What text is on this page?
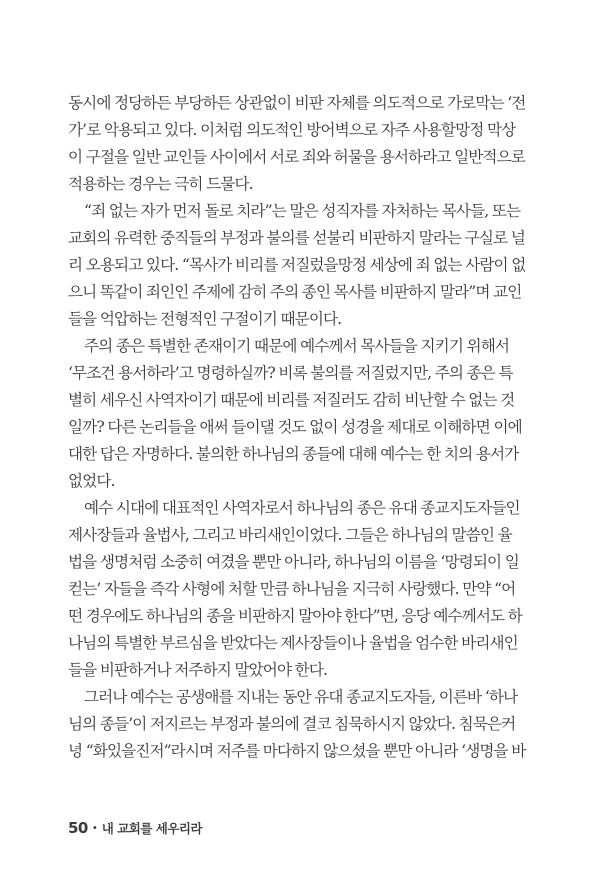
동시에 정당하든 부당하든 상관없이 비판 자체를 의도적으로 가로막는 ‘전
가’로 악용되고 있다. 이처럼 의도적인 방어벽으로 자주 사용할망정 막상
이 구절을 일반 교인들 사이에서 서로 죄와 허물을 용서하라고 일반적으로
적용하는 경우는 극히 드물다.
“죄 없는 자가 먼저 돌로 치라”는 말은 성직자를 자처하는 목사들, 또는
교회의 유력한 중직들의 부정과 불의를 섣불리 비판하지 말라는 구실로 널
리 오용되고 있다. “목사가 비리를 저질렀을망정 세상에 죄 없는 사람이 없
으니 똑같이 죄인인 주제에 감히 주의 종인 목사를 비판하지 말라”며 교인
들을 억압하는 전형적인 구절이기 때문이다.
주의 종은 특별한 존재이기 때문에 예수께서 목사들을 지키기 위해서
‘무조건 용서하라’고 명령하실까? 비록 불의를 저질렀지만, 주의 종은 특
별히 세우신 사역자이기 때문에 비리를 저질러도 감히 비난할 수 없는 것
일까? 다른 논리들을 애써 들이댈 것도 없이 성경을 제대로 이해하면 이에
대한 답은 자명하다. 불의한 하나님의 종들에 대해 예수는 한 치의 용서가
없었다.
예수 시대에 대표적인 사역자로서 하나님의 종은 유대 종교지도자들인
제사장들과 율법사, 그리고 바리새인이었다. 그들은 하나님의 말씀인 율
법을 생명처럼 소중히 여겼을 뿐만 아니라, 하나님의 이름을 ‘망령되이 일
컫는’ 자들을 즉각 사형에 처할 만큼 하나님을 지극히 사랑했다. 만약 “어
떤 경우에도 하나님의 종을 비판하지 말아야 한다”면, 응당 예수께서도 하
나님의 특별한 부르심을 받았다는 제사장들이나 율법을 엄수한 바리새인
들을 비판하거나 저주하지 말았어야 한다.
그러나 예수는 공생애를 지내는 동안 유대 종교지도자들, 이른바 ‘하나
님의 종들’이 저지르는 부정과 불의에 결코 침묵하시지 않았다. 침묵은커
녕 “화있을진저”라시며 저주를 마다하지 않으셨을 뿐만 아니라 ‘생명을 바
50 • 내 교회를 세우리라
